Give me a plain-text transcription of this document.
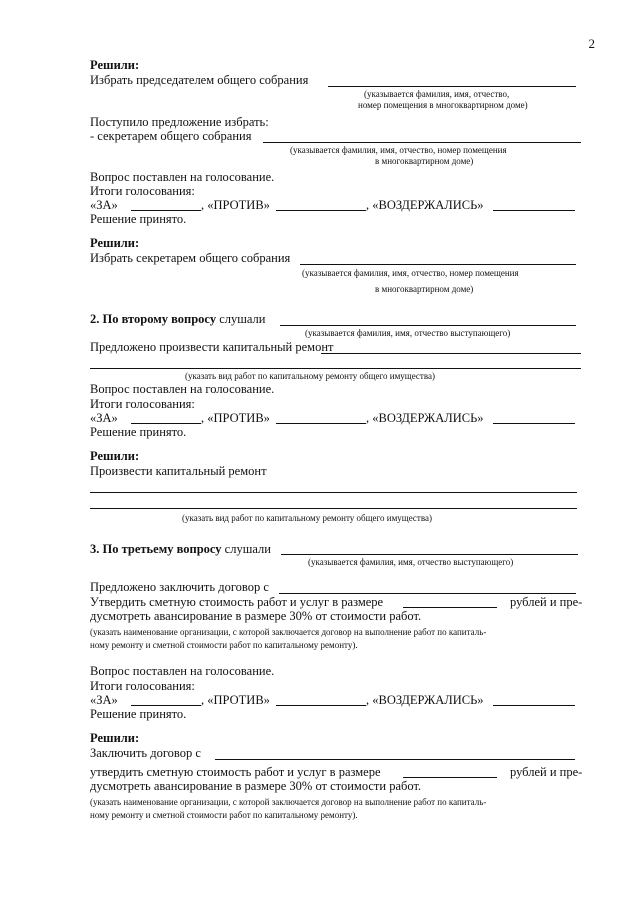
2
Решили:
Избрать председателем общего собрания
(указывается фамилия, имя, отчество,
номер помещения в многоквартирном доме)
Поступило предложение избрать:
- секретарем общего собрания
(указывается фамилия, имя, отчество, номер помещения
в многоквартирном доме)
Вопрос поставлен на голосование.
Итоги голосования:
«ЗА»	, «ПРОТИВ»	, «ВОЗДЕРЖАЛИСЬ»
Решение принято.
Решили:
Избрать секретарем общего собрания
(указывается фамилия, имя, отчество, номер помещения
в многоквартирном доме)
2. По второму вопросу слушали
(указывается фамилия, имя, отчество выступающего)
Предложено произвести капитальный ремонт
(указать вид работ по капитальному ремонту общего имущества)
Вопрос поставлен на голосование.
Итоги голосования:
«ЗА»	, «ПРОТИВ»	, «ВОЗДЕРЖАЛИСЬ»
Решение принято.
Решили:
Произвести капитальный ремонт
(указать вид работ по капитальному ремонту общего имущества)
3. По третьему вопросу слушали
(указывается фамилия, имя, отчество выступающего)
Предложено заключить договор с
Утвердить сметную стоимость работ и услуг в размере	рублей и пре-
дусмотреть авансирование в размере 30% от стоимости работ.
(указать наименование организации, с которой заключается договор на выполнение работ по капиталь-
ному ремонту и сметной стоимости работ по капитальному ремонту).
Вопрос поставлен на голосование.
Итоги голосования:
«ЗА»	, «ПРОТИВ»	, «ВОЗДЕРЖАЛИСЬ»
Решение принято.
Решили:
Заключить договор с
утвердить сметную стоимость работ и услуг в размере	рублей и пре-
дусмотреть авансирование в размере 30% от стоимости работ.
(указать наименование организации, с которой заключается договор на выполнение работ по капиталь-
ному ремонту и сметной стоимости работ по капитальному ремонту).
